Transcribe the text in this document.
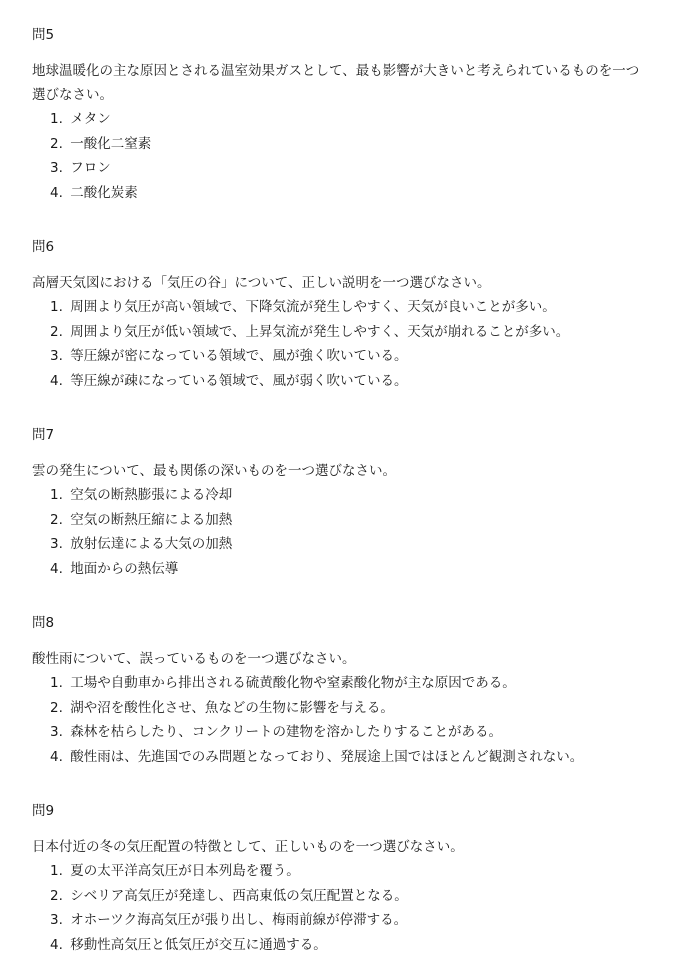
問5

地球温暖化の主な原因とされる温室効果ガスとして、最も影響が大きいと考えられているものを一つ選びなさい。

1. メタン
2. 一酸化二窒素
3. フロン
4. 二酸化炭素
問6

高層天気図における「気圧の谷」について、正しい説明を一つ選びなさい。

1. 周囲より気圧が高い領域で、下降気流が発生しやすく、天気が良いことが多い。
2. 周囲より気圧が低い領域で、上昇気流が発生しやすく、天気が崩れることが多い。
3. 等圧線が密になっている領域で、風が強く吹いている。
4. 等圧線が疎になっている領域で、風が弱く吹いている。
問7

雲の発生について、最も関係の深いものを一つ選びなさい。

1. 空気の断熱膨張による冷却
2. 空気の断熱圧縮による加熱
3. 放射伝達による大気の加熱
4. 地面からの熱伝導
問8

酸性雨について、誤っているものを一つ選びなさい。

1. 工場や自動車から排出される硫黄酸化物や窒素酸化物が主な原因である。
2. 湖や沼を酸性化させ、魚などの生物に影響を与える。
3. 森林を枯らしたり、コンクリートの建物を溶かしたりすることがある。
4. 酸性雨は、先進国でのみ問題となっており、発展途上国ではほとんど観測されない。
問9

日本付近の冬の気圧配置の特徴として、正しいものを一つ選びなさい。

1. 夏の太平洋高気圧が日本列島を覆う。
2. シベリア高気圧が発達し、西高東低の気圧配置となる。
3. オホーツク海高気圧が張り出し、梅雨前線が停滞する。
4. 移動性高気圧と低気圧が交互に通過する。
